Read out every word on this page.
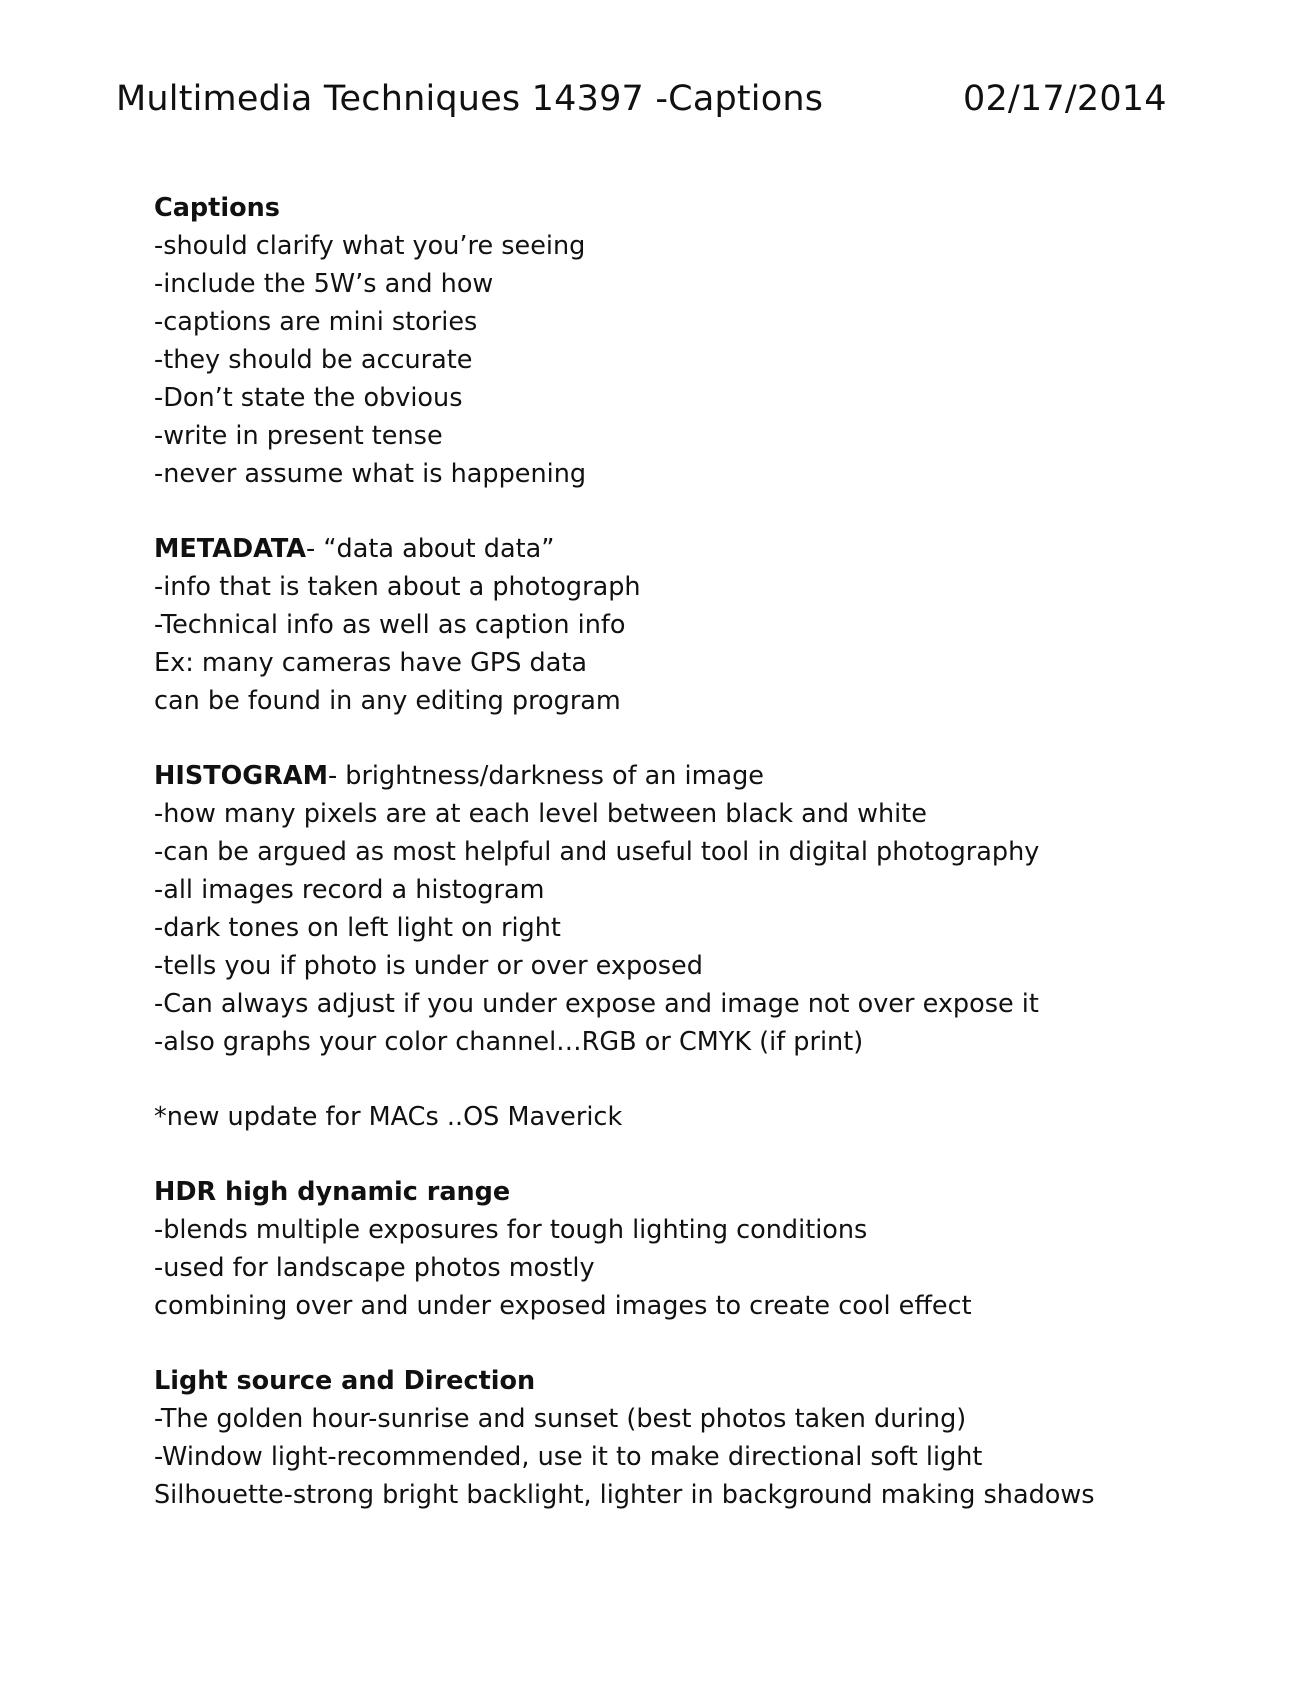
Multimedia Techniques 14397 -Captions	02/17/2014
Captions
-should clarify what you’re seeing
-include the 5W’s and how
-captions are mini stories
-they should be accurate
-Don’t state the obvious
-write in present tense
-never assume what is happening
METADATA- “data about data”
-info that is taken about a photograph
-Technical info as well as caption info
Ex: many cameras have GPS data
can be found in any editing program
HISTOGRAM- brightness/darkness of an image
-how many pixels are at each level between black and white
-can be argued as most helpful and useful tool in digital photography
-all images record a histogram
-dark tones on left light on right
-tells you if photo is under or over exposed
-Can always adjust if you under expose and image not over expose it
-also graphs your color channel…RGB or CMYK (if print)
*new update for MACs ..OS Maverick
HDR high dynamic range
-blends multiple exposures for tough lighting conditions
-used for landscape photos mostly
combining over and under exposed images to create cool effect
Light source and Direction
-The golden hour-sunrise and sunset (best photos taken during)
-Window light-recommended, use it to make directional soft light
Silhouette-strong bright backlight, lighter in background making shadows
